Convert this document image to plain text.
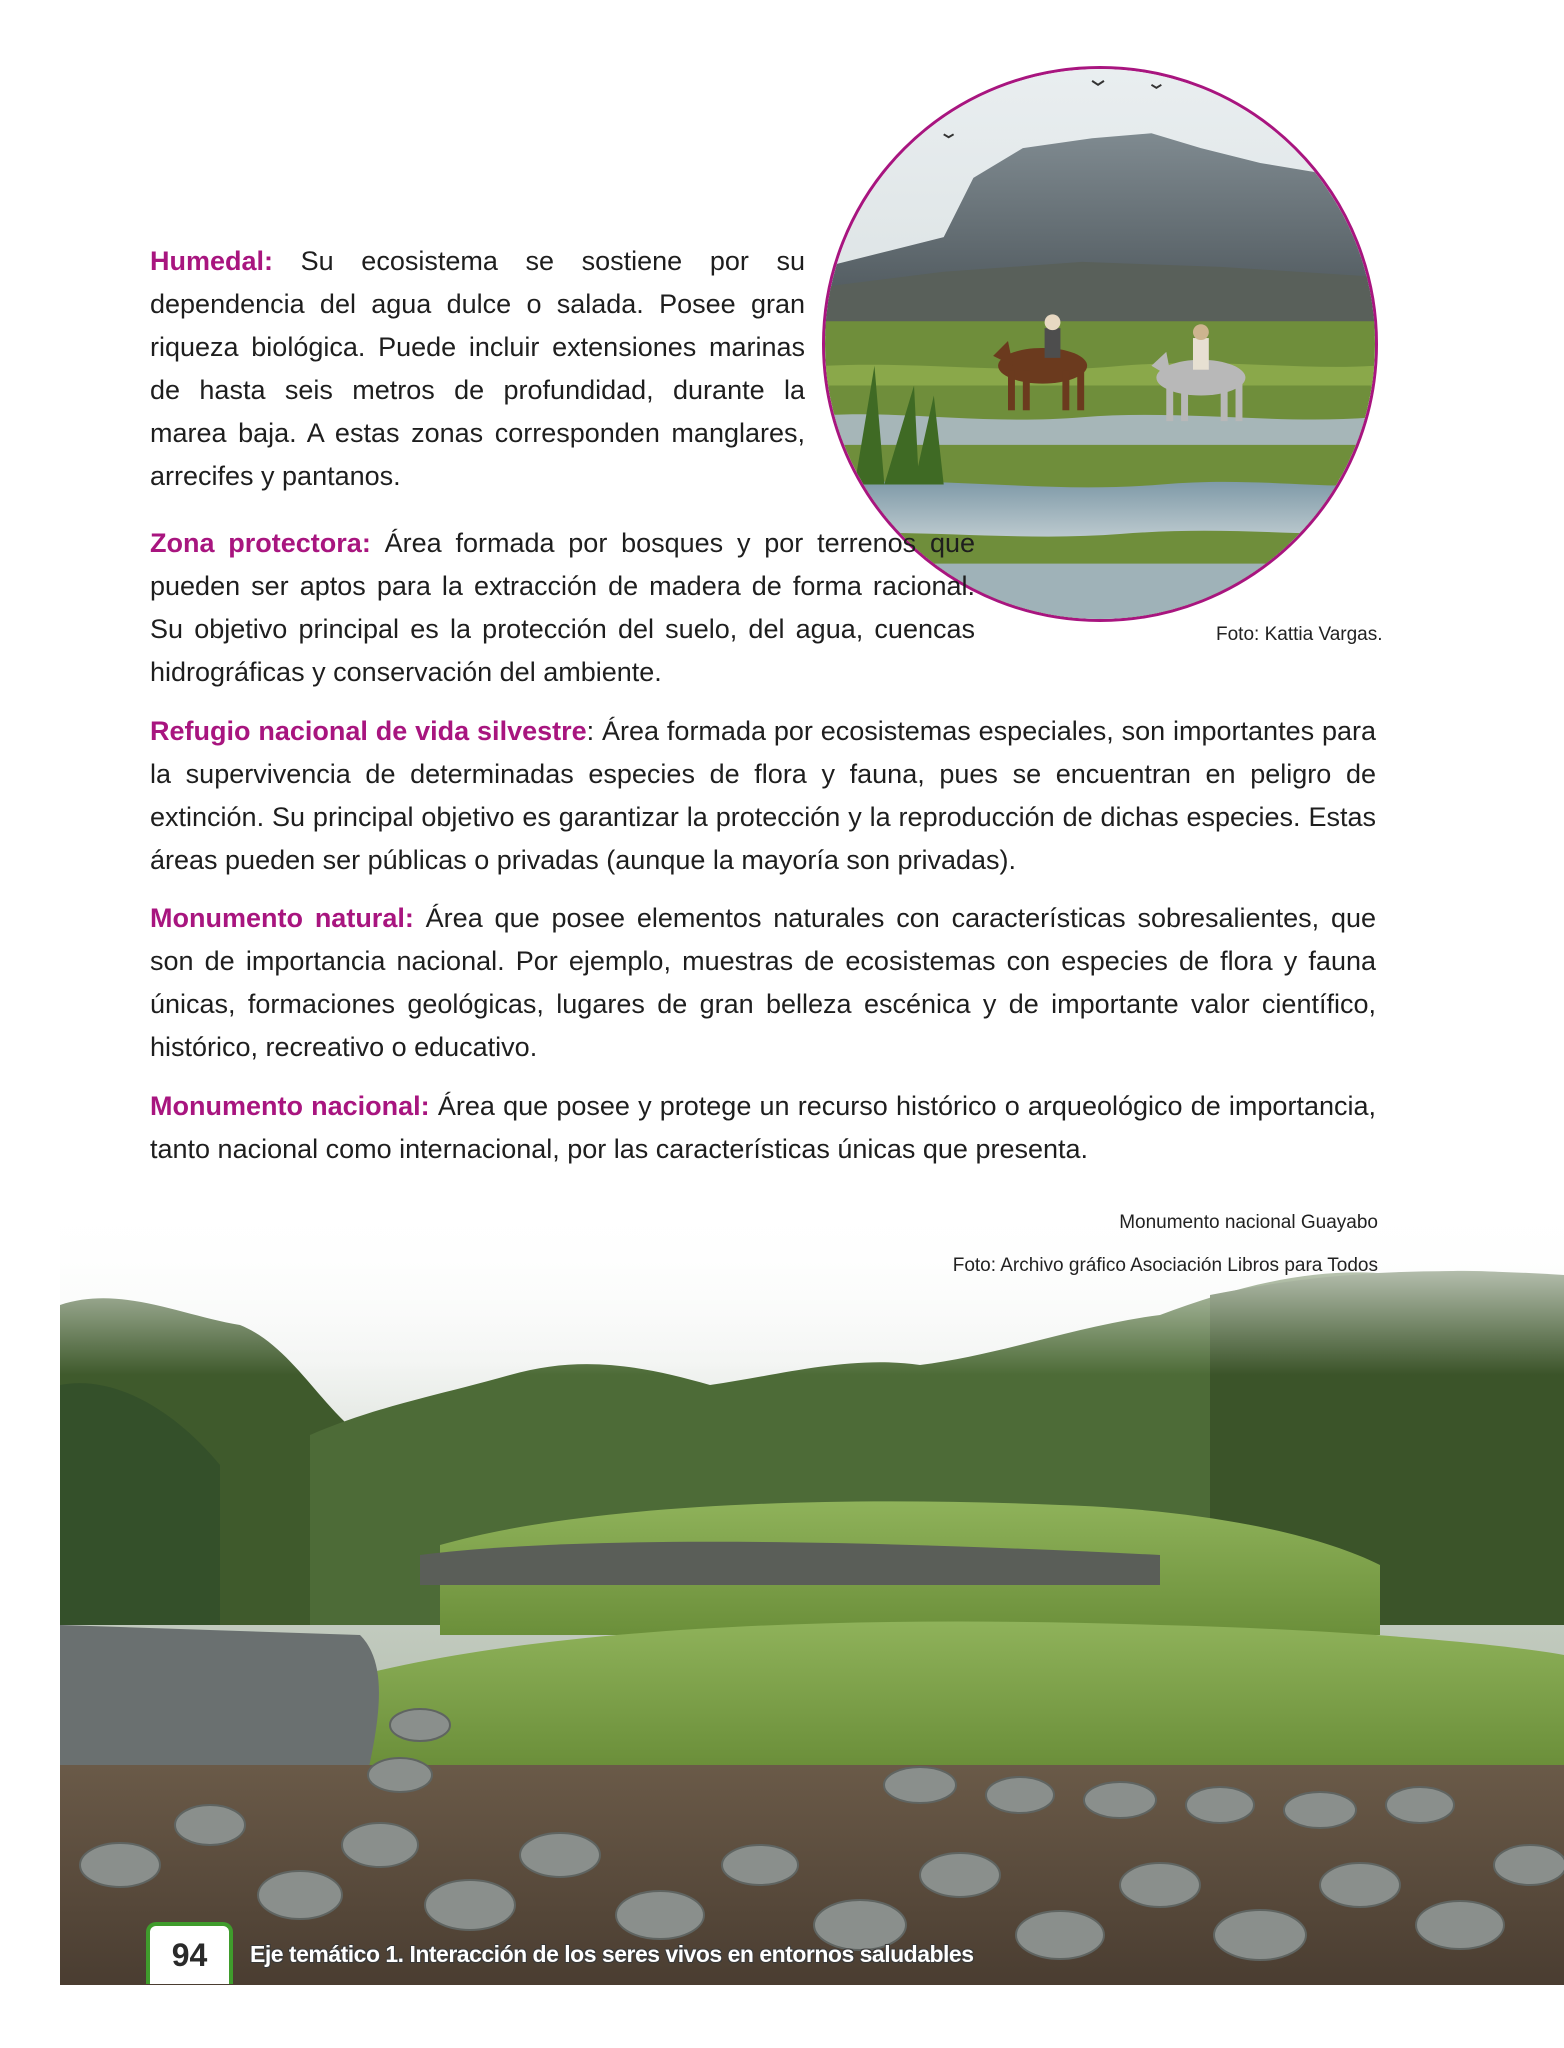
Foto: Kattia Vargas.

Humedal: Su ecosistema se sostiene por su dependencia del agua dulce o salada. Posee gran riqueza biológica. Puede incluir extensiones marinas de hasta seis metros de profundidad, durante la marea baja. A estas zonas corresponden manglares, arrecifes y pantanos.

Zona protectora: Área formada por bosques y por terrenos que pueden ser aptos para la extracción de madera de forma racional. Su objetivo principal es la protección del suelo, del agua, cuencas hidrográficas y conservación del ambiente.

Refugio nacional de vida silvestre: Área formada por ecosistemas especiales, son importantes para la supervivencia de determinadas especies de flora y fauna, pues se encuentran en peligro de extinción. Su principal objetivo es garantizar la protección y la reproducción de dichas especies. Estas áreas pueden ser públicas o privadas (aunque la mayoría son privadas).

Monumento natural: Área que posee elementos naturales con características sobresalientes, que son de importancia nacional. Por ejemplo, muestras de ecosistemas con especies de flora y fauna únicas, formaciones geológicas, lugares de gran belleza escénica y de importante valor científico, histórico, recreativo o educativo.

Monumento nacional: Área que posee y protege un recurso histórico o arqueológico de importancia, tanto nacional como internacional, por las características únicas que presenta.

Monumento nacional Guayabo

Foto: Archivo gráfico Asociación Libros para Todos

94	Eje temático 1. Interacción de los seres vivos en entornos saludables
